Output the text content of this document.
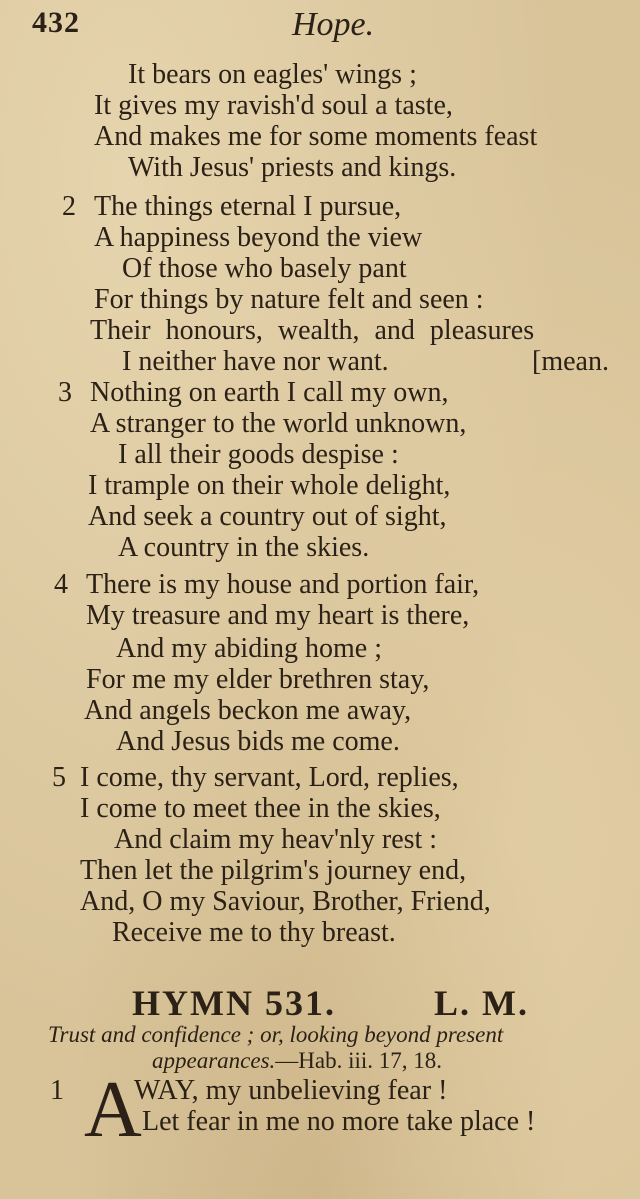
432	Hope.
It bears on eagles' wings ;
It gives my ravish'd soul a taste,
And makes me for some moments feast
With Jesus' priests and kings.
2 The things eternal I pursue,
A happiness beyond the view
Of those who basely pant
For things by nature felt and seen :
Their honours, wealth, and pleasures
I neither have nor want.	[mean.
3 Nothing on earth I call my own,
A stranger to the world unknown,
I all their goods despise :
I trample on their whole delight,
And seek a country out of sight,
A country in the skies.
4 There is my house and portion fair,
My treasure and my heart is there,
And my abiding home ;
For me my elder brethren stay,
And angels beckon me away,
And Jesus bids me come.
5 I come, thy servant, Lord, replies,
I come to meet thee in the skies,
And claim my heav'nly rest :
Then let the pilgrim's journey end,
And, O my Saviour, Brother, Friend,
Receive me to thy breast.
HYMN 531.	L. M.
Trust and confidence ; or, looking beyond present
appearances.—Hab. iii. 17, 18.
1 A
WAY, my unbelieving fear !
Let fear in me no more take place !
